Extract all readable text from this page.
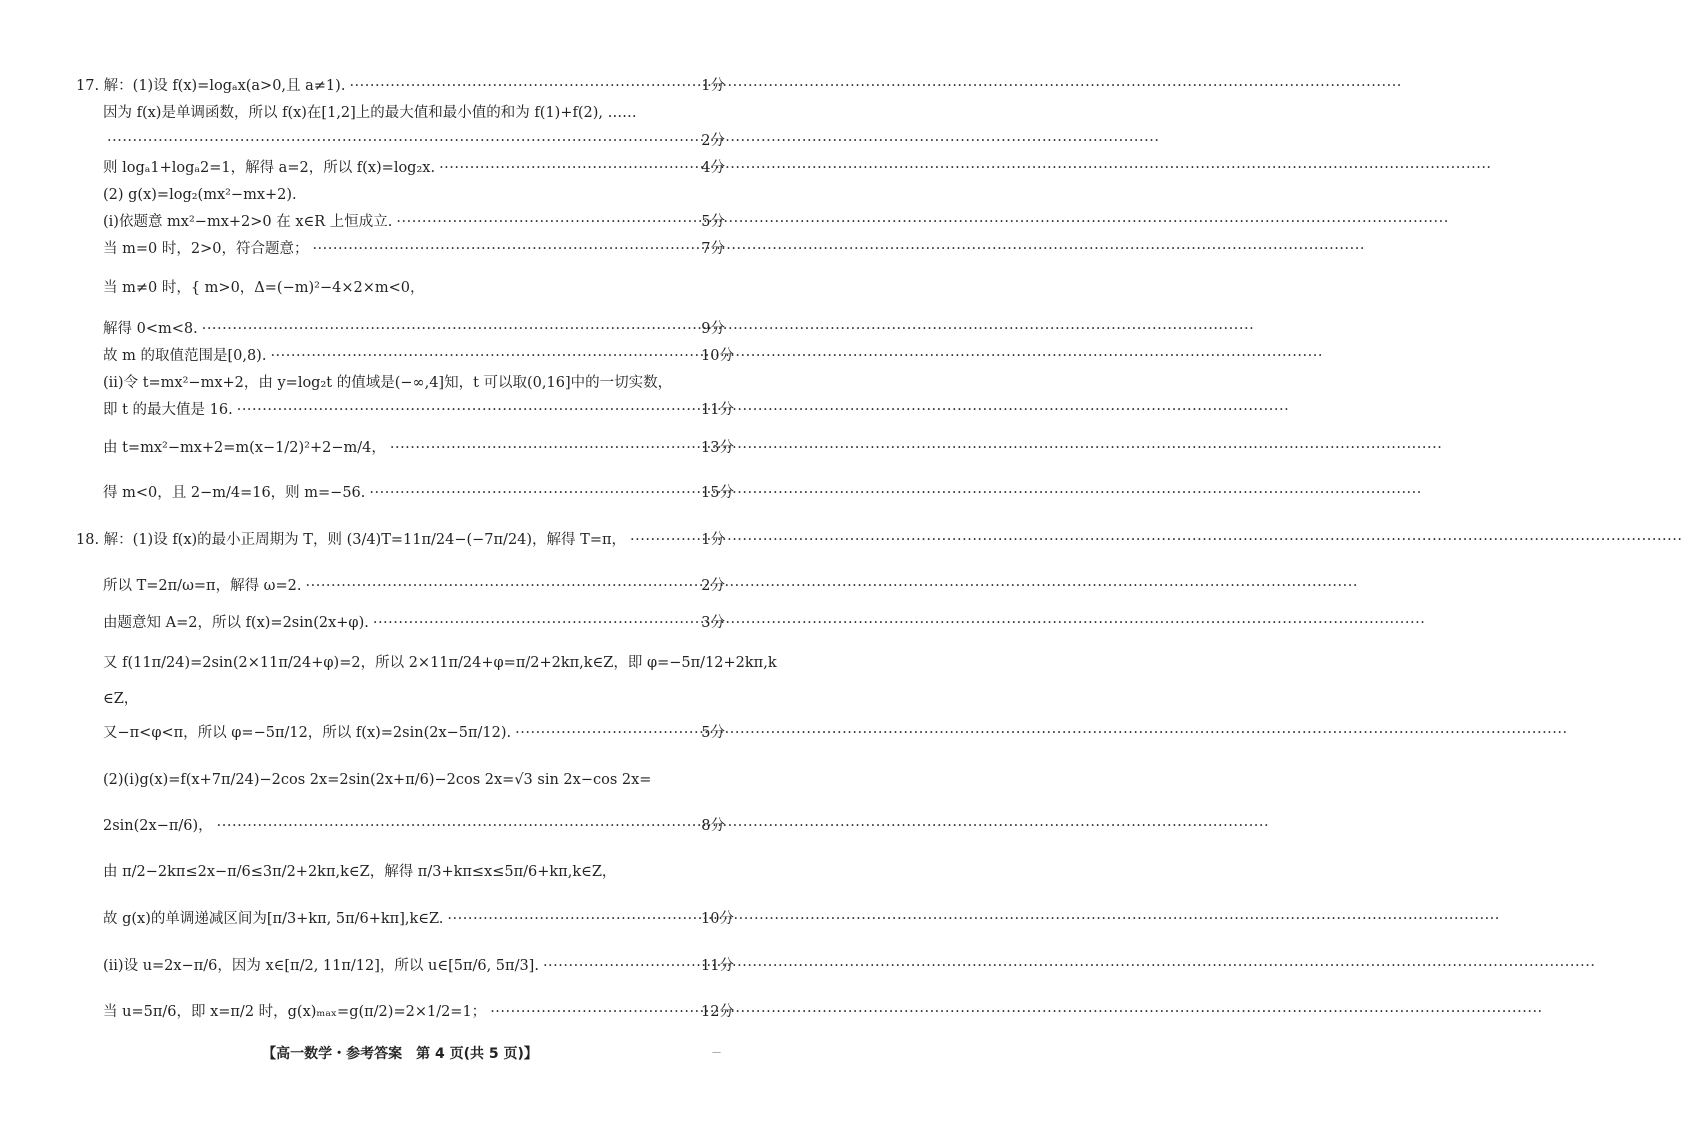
17. 解：(1)设 f(x)=logₐx(a>0,且 a≠1). ·····	1分
因为 f(x)是单调函数，所以 f(x)在[1,2]上的最大值和最小值的和为 f(1)+f(2), ……
·····
2分
则 logₐ1+logₐ2=1，解得 a=2，所以 f(x)=log₂x. ·····	4分
(2) g(x)=log₂(mx²−mx+2).
(ⅰ)依题意 mx²−mx+2>0 在 x∈R 上恒成立. ·····	5分
当 m=0 时，2>0，符合题意； ·····	7分
当 m≠0 时，{ m>0，Δ=(−m)²−4×2×m<0，
解得 0<m<8. ·····	9分
故 m 的取值范围是[0,8). ·····	10分
(ⅱ)令 t=mx²−mx+2，由 y=log₂t 的值域是(−∞,4]知，t 可以取(0,16]中的一切实数，
即 t 的最大值是 16. ·····	11分
由 t=mx²−mx+2=m(x−1/2)²+2−m/4， ·····	13分
得 m<0，且 2−m/4=16，则 m=−56. ·····	15分
18. 解：(1)设 f(x)的最小正周期为 T，则 (3/4)T=11π/24−(−7π/24)，解得 T=π， ·····	1分
所以 T=2π/ω=π，解得 ω=2. ·····	2分
由题意知 A=2，所以 f(x)=2sin(2x+φ). ·····	3分
又 f(11π/24)=2sin(2×11π/24+φ)=2，所以 2×11π/24+φ=π/2+2kπ,k∈Z，即 φ=−5π/12+2kπ,k
∈Z，
又−π<φ<π，所以 φ=−5π/12，所以 f(x)=2sin(2x−5π/12). ·····	5分
(2)(ⅰ)g(x)=f(x+7π/24)−2cos 2x=2sin(2x+π/6)−2cos 2x=√3 sin 2x−cos 2x=
2sin(2x−π/6)， ·····	8分
由 π/2−2kπ≤2x−π/6≤3π/2+2kπ,k∈Z，解得 π/3+kπ≤x≤5π/6+kπ,k∈Z，
故 g(x)的单调递减区间为[π/3+kπ, 5π/6+kπ],k∈Z. ·····	10分
(ⅱ)设 u=2x−π/6，因为 x∈[π/2, 11π/12]，所以 u∈[5π/6, 5π/3]. ·····	11分
当 u=5π/6，即 x=π/2 时，g(x)ₘₐₓ=g(π/2)=2×1/2=1； ·····	12分
【高一数学・参考答案　第 4 页(共 5 页)】	—
